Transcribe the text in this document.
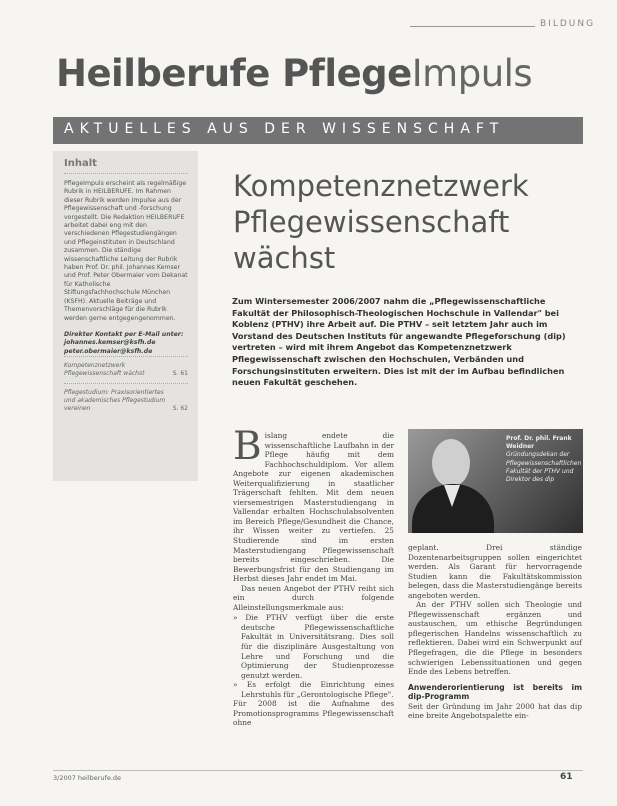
BILDUNG
Heilberufe PflegeImpuls
AKTUELLES AUS DER WISSENSCHAFT
Inhalt
PflegeImpuls erscheint als regelmäßige Rubrik in HEILBERUFE. Im Rahmen dieser Rubrik werden Impulse aus der Pflegewissenschaft und -forschung vorgestellt. Die Redaktion HEILBERUFE arbeitet dabei eng mit den verschiedenen Pflegestudiengängen und Pflegeinstituten in Deutschland zusammen. Die ständige wissenschaftliche Leitung der Rubrik haben Prof. Dr. phil. Johannes Kemser und Prof. Peter Obermaier vom Dekanat für Katholische Stiftungsfachhochschule München (KSFH). Aktuelle Beiträge und Themenvorschläge für die Rubrik werden gerne entgegengenommen.
Direkter Kontakt per E-Mail unter: johannes.kemser@ksfh.de peter.obermaier@ksfh.de
Kompetenznetzwerk Pflegewissenschaft wächst	S. 61
Pflegestudium: Praxisorientiertes und akademisches Pflegestudium vereinen	S. 62
Kompetenznetzwerk Pflegewissenschaft wächst
Zum Wintersemester 2006/2007 nahm die „Pflegewissenschaftliche Fakultät der Philosophisch-Theologischen Hochschule in Vallendar" bei Koblenz (PTHV) ihre Arbeit auf. Die PTHV – seit letztem Jahr auch im Vorstand des Deutschen Instituts für angewandte Pflegeforschung (dip) vertreten – wird mit ihrem Angebot das Kompetenznetzwerk Pflegewissenschaft zwischen den Hochschulen, Verbänden und Forschungsinstituten erweitern. Dies ist mit der im Aufbau befindlichen neuen Fakultät geschehen.

Bislang endete die wissenschaftliche Laufbahn in der Pflege häufig mit dem Fachhochschuldiplom. Vor allem Angebote zur eigenen akademischen Weiterqualifizierung in staatlicher Trägerschaft fehlten. Mit dem neuen viersemestrigen Masterstudiengang in Vallendar erhalten Hochschulabsolventen im Bereich Pflege/Gesundheit die Chance, ihr Wissen weiter zu vertiefen. 25 Studierende sind im ersten Masterstudiengang Pflegewissenschaft bereits eingeschrieben. Die Bewerbungsfrist für den Studiengang im Herbst dieses Jahr endet im Mai.

Das neuen Angebot der PTHV reiht sich ein durch folgende Alleinstellungsmerkmale aus:

» Die PTHV verfügt über die erste deutsche Pflegewissenschaftliche Fakultät in Universitätsrang. Dies soll für die disziplinäre Ausgestaltung von Lehre und Forschung und die Optimierung der Studienprozesse genutzt werden.
» Es erfolgt die Einrichtung eines Lehrstuhls für „Gerontologische Pflege".

Für 2008 ist die Aufnahme des Promotionsprogramms Pflegewissenschaft ohne

Prof. Dr. phil. Frank Weidner
Gründungsdekan der Pflegewissenschaftlichen Fakultät der PTHV und Direktor des dip

geplant. Drei ständige Dozentenarbeitsgruppen sollen eingerichtet werden. Als Garant für hervorragende Studien kann die Fakultätskommission belegen, dass die Masterstudiengänge bereits angeboten werden.

An der PTHV sollen sich Theologie und Pflegewissenschaft ergänzen und austauschen, um ethische Begründungen pflegerischen Handelns wissenschaftlich zu reflektieren. Dabei wird ein Schwerpunkt auf Pflegefragen, die die Pflege in besonders schwierigen Lebenssituationen und gegen Ende des Lebens betreffen.

Anwenderorientierung ist bereits im dip-Programm

Seit der Gründung im Jahr 2000 hat das dip eine breite Angebotspalette ein-

3/2007 heilberufe.de	61
